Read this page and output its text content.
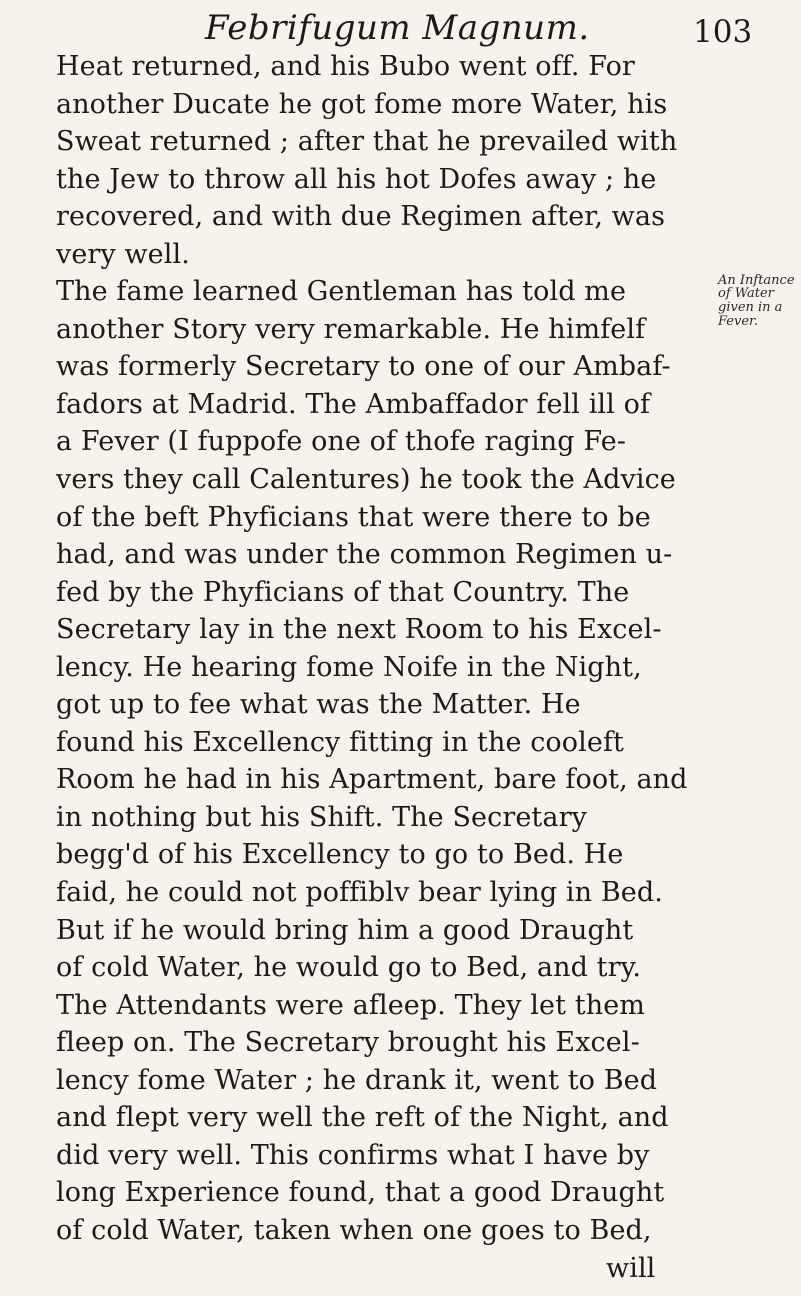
Febrifugum Magnum.	103
Heat returned, and his Bubo went off. For
another Ducate he got fome more Water, his
Sweat returned ; after that he prevailed with
the Jew to throw all his hot Dofes away ; he
recovered, and with due Regimen after, was
very well.
The fame learned Gentleman has told me
another Story very remarkable. He himfelf
was formerly Secretary to one of our Ambaf-
fadors at Madrid. The Ambaffador fell ill of
a Fever (I fuppofe one of thofe raging Fe-
vers they call Calentures) he took the Advice
of the beft Phyficians that were there to be
had, and was under the common Regimen u-
fed by the Phyficians of that Country. The
Secretary lay in the next Room to his Excel-
lency. He hearing fome Noife in the Night,
got up to fee what was the Matter. He
found his Excellency fitting in the cooleft
Room he had in his Apartment, bare foot, and
in nothing but his Shift. The Secretary
begg'd of his Excellency to go to Bed. He
faid, he could not poffiblv bear lying in Bed.
But if he would bring him a good Draught
of cold Water, he would go to Bed, and try.
The Attendants were afleep. They let them
fleep on. The Secretary brought his Excel-
lency fome Water ; he drank it, went to Bed
and flept very well the reft of the Night, and
did very well. This confirms what I have by
long Experience found, that a good Draught
of cold Water, taken when one goes to Bed,
will
An Inftance
of Water
given in a
Fever.
